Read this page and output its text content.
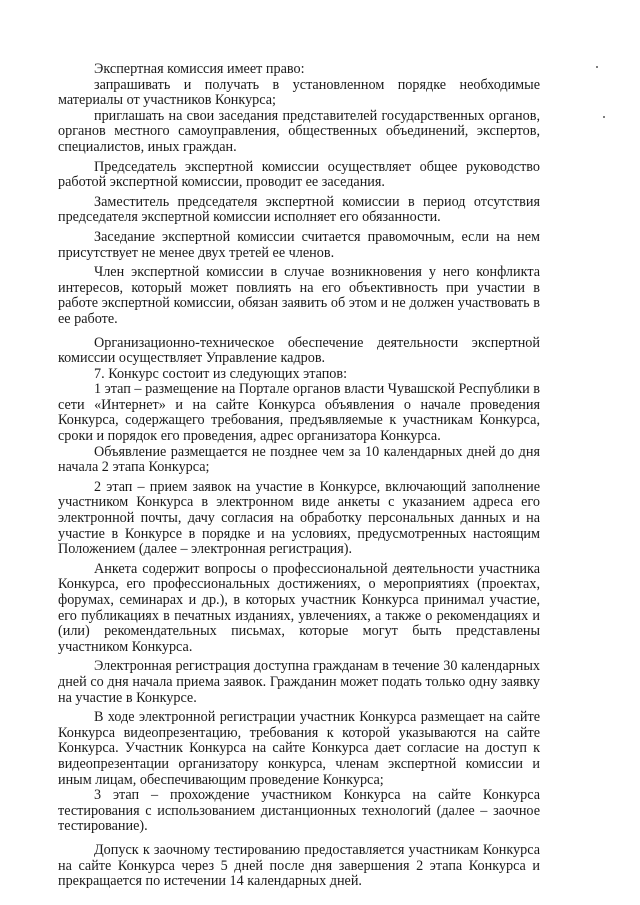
Экспертная комиссия имеет право:

запрашивать и получать в установленном порядке необходимые материалы от участников Конкурса;

приглашать на свои заседания представителей государственных органов, органов местного самоуправления, общественных объединений, экспертов, специалистов, иных граждан.

Председатель экспертной комиссии осуществляет общее руководство работой экспертной комиссии, проводит ее заседания.

Заместитель председателя экспертной комиссии в период отсутствия председателя экспертной комиссии исполняет его обязанности.

Заседание экспертной комиссии считается правомочным, если на нем присутствует не менее двух третей ее членов.

Член экспертной комиссии в случае возникновения у него конфликта интересов, который может повлиять на его объективность при участии в работе экспертной комиссии, обязан заявить об этом и не должен участвовать в ее работе.

Организационно-техническое обеспечение деятельности экспертной комиссии осуществляет Управление кадров.

7. Конкурс состоит из следующих этапов:

1 этап – размещение на Портале органов власти Чувашской Республики в сети «Интернет» и на сайте Конкурса объявления о начале проведения Конкурса, содержащего требования, предъявляемые к участникам Конкурса, сроки и порядок его проведения, адрес организатора Конкурса.

Объявление размещается не позднее чем за 10 календарных дней до дня начала 2 этапа Конкурса;

2 этап – прием заявок на участие в Конкурсе, включающий заполнение участником Конкурса в электронном виде анкеты с указанием адреса его электронной почты, дачу согласия на обработку персональных данных и на участие в Конкурсе в порядке и на условиях, предусмотренных настоящим Положением (далее – электронная регистрация).

Анкета содержит вопросы о профессиональной деятельности участника Конкурса, его профессиональных достижениях, о мероприятиях (проектах, форумах, семинарах и др.), в которых участник Конкурса принимал участие, его публикациях в печатных изданиях, увлечениях, а также о рекомендациях и (или) рекомендательных письмах, которые могут быть представлены участником Конкурса.

Электронная регистрация доступна гражданам в течение 30 календарных дней со дня начала приема заявок. Гражданин может подать только одну заявку на участие в Конкурсе.

В ходе электронной регистрации участник Конкурса размещает на сайте Конкурса видеопрезентацию, требования к которой указываются на сайте Конкурса. Участник Конкурса на сайте Конкурса дает согласие на доступ к видеопрезентации организатору конкурса, членам экспертной комиссии и иным лицам, обеспечивающим проведение Конкурса;

3 этап – прохождение участником Конкурса на сайте Конкурса тестирования с использованием дистанционных технологий (далее – заочное тестирование).

Допуск к заочному тестированию предоставляется участникам Конкурса на сайте Конкурса через 5 дней после дня завершения 2 этапа Конкурса и прекращается по истечении 14 календарных дней.
